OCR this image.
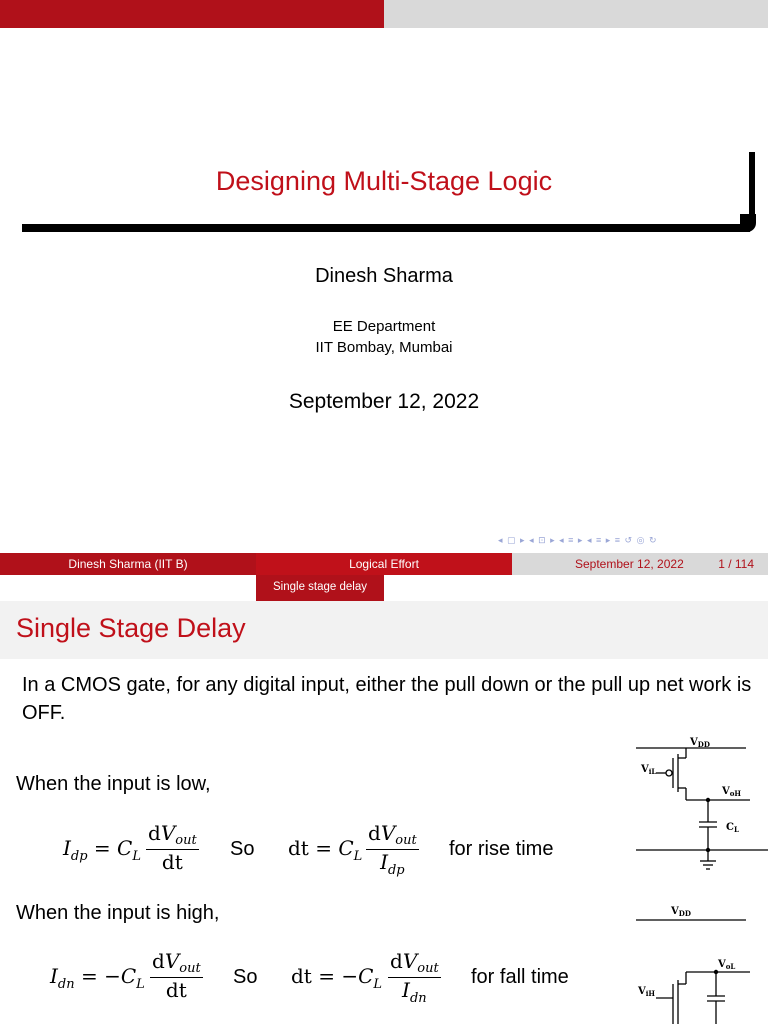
Designing Multi-Stage Logic
Dinesh Sharma
EE Department
IIT Bombay, Mumbai
September 12, 2022
◂ ▢ ▸ ◂ ⊡ ▸ ◂ ≡ ▸ ◂ ≡ ▸ ≡ ↺ ◎ ↻
Dinesh Sharma (IIT B)	Logical Effort	September 12, 2022	1 / 114
Single stage delay
Single Stage Delay
In a CMOS gate, for any digital input, either the pull down or the pull up net work is OFF.
When the input is low,
When the input is high,
$I_{dp} = C_L$
$dV_{out}$
dt
So dt = $C_L$
$dV_{out}$
$I_{dp}$
for rise time
$I_{dn} = -C_L$
$dV_{out}$
dt
So dt = $-C_L$
$dV_{out}$
$I_{dn}$
for fall time
$V_{DD}$
$V_{iL}$
$V_{oH}$
$C_L$
$V_{DD}$
$V_{oL}$
$V_{iH}$
